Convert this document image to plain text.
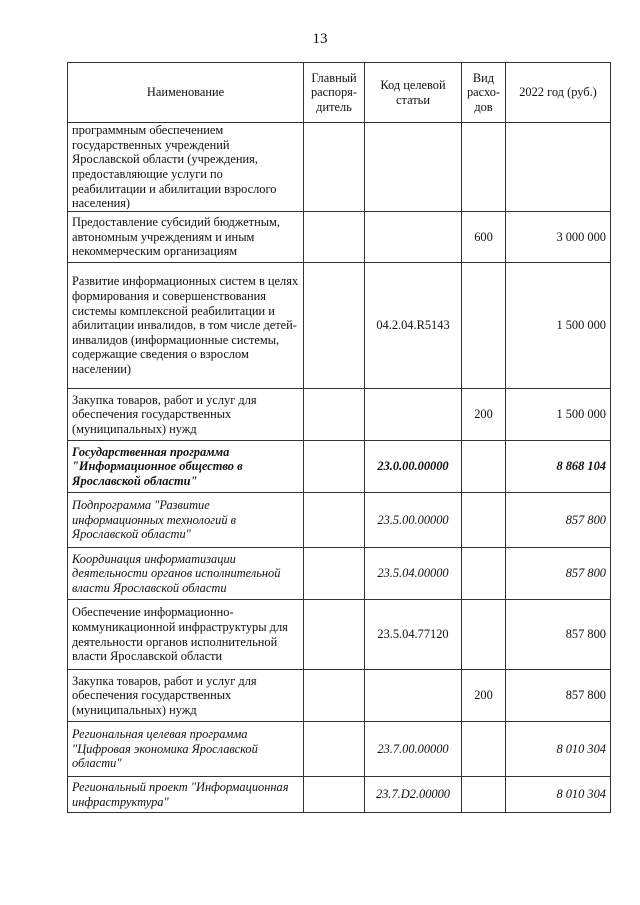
13
Наименование	Главный распоря-дитель	Код целевой статьи	Вид расхо-дов	2022 год (руб.)
программным обеспечением государственных учреждений Ярославской области (учреждения, предоставляющие услуги по реабилитации и абилитации взрослого населения)				
Предоставление субсидий бюджетным, автономным учреждениям и иным некоммерческим организациям			600	3 000 000
Развитие информационных систем в целях формирования и совершенствования системы комплексной реабилитации и абилитации инвалидов, в том числе детей-инвалидов (информационные системы, содержащие сведения о взрослом населении)		04.2.04.R5143		1 500 000
Закупка товаров, работ и услуг для обеспечения государственных (муниципальных) нужд			200	1 500 000
Государственная программа "Информационное общество в Ярославской области"		23.0.00.00000		8 868 104
Подпрограмма "Развитие информационных технологий в Ярославской области"		23.5.00.00000		857 800
Координация информатизации деятельности органов исполнительной власти Ярославской области		23.5.04.00000		857 800
Обеспечение информационно-коммуникационной инфраструктуры для деятельности органов исполнительной власти Ярославской области		23.5.04.77120		857 800
Закупка товаров, работ и услуг для обеспечения государственных (муниципальных) нужд			200	857 800
Региональная целевая программа "Цифровая экономика Ярославской области"		23.7.00.00000		8 010 304
Региональный проект "Информационная инфраструктура"		23.7.D2.00000		8 010 304
